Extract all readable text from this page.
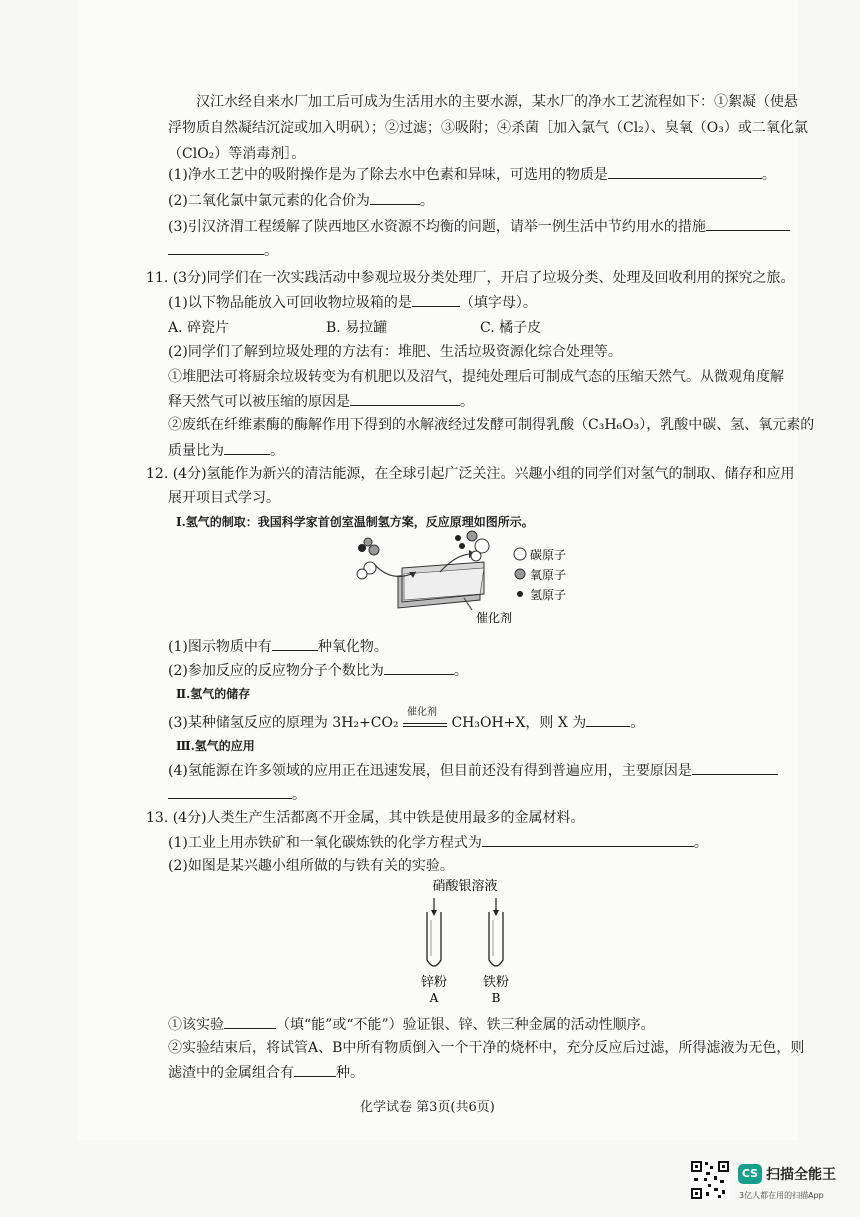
汉江水经自来水厂加工后可成为生活用水的主要水源，某水厂的净水工艺流程如下：①絮凝（使悬
浮物质自然凝结沉淀或加入明矾）；②过滤；③吸附；④杀菌［加入氯气（Cl₂）、臭氧（O₃）或二氧化氯
（ClO₂）等消毒剂］。
(1)净水工艺中的吸附操作是为了除去水中色素和异味，可选用的物质是	。
(2)二氧化氯中氯元素的化合价为	。
(3)引汉济渭工程缓解了陕西地区水资源不均衡的问题，请举一例生活中节约用水的措施
。
11. (3分)同学们在一次实践活动中参观垃圾分类处理厂，开启了垃圾分类、处理及回收利用的探究之旅。
(1)以下物品能放入可回收物垃圾箱的是	（填字母）。
A. 碎瓷片	B. 易拉罐	C. 橘子皮
(2)同学们了解到垃圾处理的方法有：堆肥、生活垃圾资源化综合处理等。
①堆肥法可将厨余垃圾转变为有机肥以及沼气，提纯处理后可制成气态的压缩天然气。从微观角度解
释天然气可以被压缩的原因是	。
②废纸在纤维素酶的酶解作用下得到的水解液经过发酵可制得乳酸（C₃H₆O₃），乳酸中碳、氢、氧元素的
质量比为	。
12. (4分)氢能作为新兴的清洁能源，在全球引起广泛关注。兴趣小组的同学们对氢气的制取、储存和应用
展开项目式学习。
Ⅰ.氢气的制取：我国科学家首创室温制氢方案，反应原理如图所示。
碳原子
氧原子
氢原子
催化剂
(1)图示物质中有	种氧化物。
(2)参加反应的反应物分子个数比为	。
Ⅱ.氢气的储存
(3)某种储氢反应的原理为 3H₂+CO₂
催化剂
CH₃OH+X，则 X 为	。
Ⅲ.氢气的应用
(4)氢能源在许多领域的应用正在迅速发展，但目前还没有得到普遍应用，主要原因是
。
13. (4分)人类生产生活都离不开金属，其中铁是使用最多的金属材料。
(1)工业上用赤铁矿和一氧化碳炼铁的化学方程式为	。
(2)如图是某兴趣小组所做的与铁有关的实验。
硝酸银溶液
锌粉
A
铁粉
B
①该实验	（填“能”或“不能”）验证银、锌、铁三种金属的活动性顺序。
②实验结束后，将试管A、B中所有物质倒入一个干净的烧杯中，充分反应后过滤，所得滤液为无色，则
滤渣中的金属组合有	种。
化学试卷 第3页(共6页)
CS 扫描全能王
3亿人都在用的扫描App
